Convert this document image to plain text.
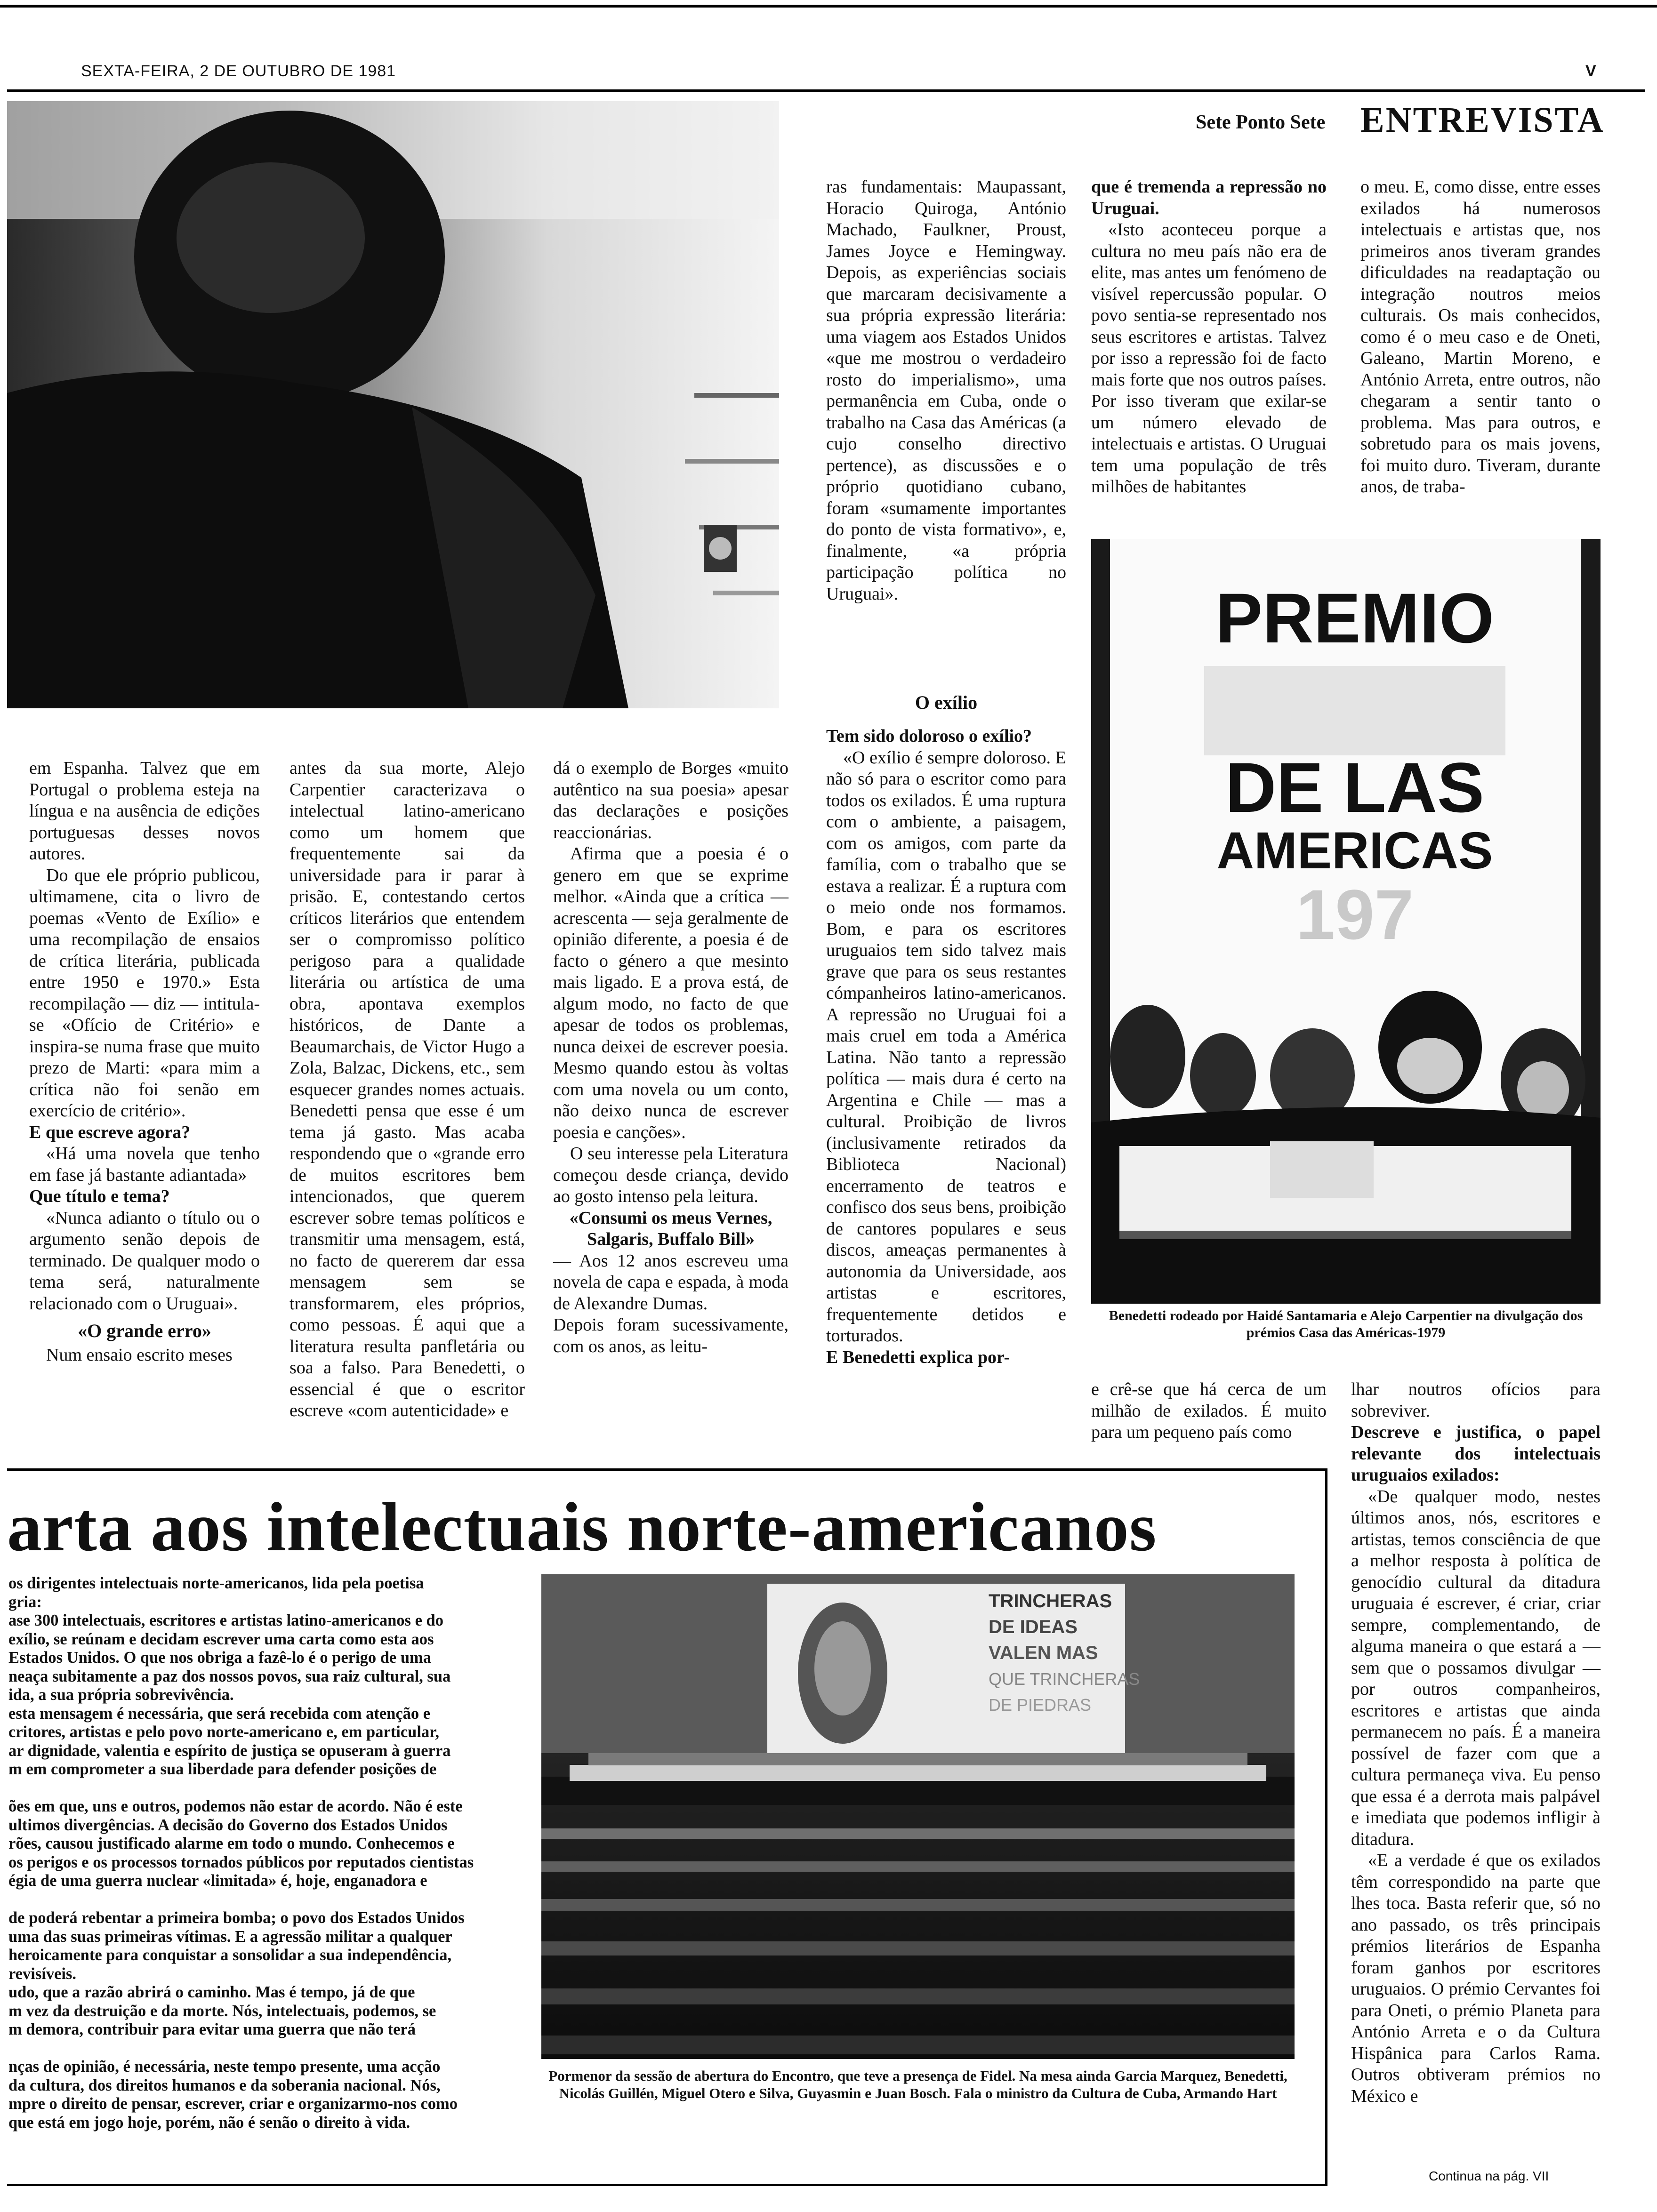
SEXTA-FEIRA, 2 DE OUTUBRO DE 1981	V
Sete Ponto Sete ENTREVISTA

ras fundamentais: Maupassant, Horacio Quiroga, António Machado, Faulkner, Proust, James Joyce e Hemingway. Depois, as experiências sociais que marcaram decisivamente a sua própria expressão literária: uma viagem aos Estados Unidos «que me mostrou o verdadeiro rosto do imperialismo», uma permanência em Cuba, onde o trabalho na Casa das Américas (a cujo conselho directivo pertence), as discussões e o próprio quotidiano cubano, foram «sumamente importantes do ponto de vista formativo», e, finalmente, «a própria participação política no Uruguai».

que é tremenda a repressão no Uruguai.

«Isto aconteceu porque a cultura no meu país não era de elite, mas antes um fenómeno de visível repercussão popular. O povo sentia-se representado nos seus escritores e artistas. Talvez por isso a repressão foi de facto mais forte que nos outros países. Por isso tiveram que exilar-se um número elevado de intelectuais e artistas. O Uruguai tem uma população de três milhões de habitantes

o meu. E, como disse, entre esses exilados há numerosos intelectuais e artistas que, nos primeiros anos tiveram grandes dificuldades na readaptação ou integração noutros meios culturais. Os mais conhecidos, como é o meu caso e de Oneti, Galeano, Martin Moreno, e António Arreta, entre outros, não chegaram a sentir tanto o problema. Mas para outros, e sobretudo para os mais jovens, foi muito duro. Tiveram, durante anos, de traba-

PREMIO
DE LAS
AMERICAS
197
Benedetti rodeado por Haidé Santamaria e Alejo Carpentier na divulgação dos prémios Casa das Américas-1979

em Espanha. Talvez que em Portugal o problema esteja na língua e na ausência de edições portuguesas desses novos autores.

Do que ele próprio publicou, ultimamene, cita o livro de poemas «Vento de Exílio» e uma recompilação de ensaios de crítica literária, publicada entre 1950 e 1970.» Esta recompilação — diz — intitula-se «Ofício de Critério» e inspira-se numa frase que muito prezo de Marti: «para mim a crítica não foi senão em exercício de critério».

E que escreve agora?

«Há uma novela que tenho em fase já bastante adiantada»

Que título e tema?

«Nunca adianto o título ou o argumento senão depois de terminado. De qualquer modo o tema será, naturalmente relacionado com o Uruguai».

«O grande erro»

Num ensaio escrito meses

antes da sua morte, Alejo Carpentier caracterizava o intelectual latino-americano como um homem que frequentemente sai da universidade para ir parar à prisão. E, contestando certos críticos literários que entendem ser o compromisso político perigoso para a qualidade literária ou artística de uma obra, apontava exemplos históricos, de Dante a Beaumarchais, de Victor Hugo a Zola, Balzac, Dickens, etc., sem esquecer grandes nomes actuais. Benedetti pensa que esse é um tema já gasto. Mas acaba respondendo que o «grande erro de muitos escritores bem intencionados, que querem escrever sobre temas políticos e transmitir uma mensagem, está, no facto de quererem dar essa mensagem sem se transformarem, eles próprios, como pessoas. É aqui que a literatura resulta panfletária ou soa a falso. Para Benedetti, o essencial é que o escritor escreve «com autenticidade» e

dá o exemplo de Borges «muito autêntico na sua poesia» apesar das declarações e posições reaccionárias.

Afirma que a poesia é o genero em que se exprime melhor. «Ainda que a crítica — acrescenta — seja geralmente de opinião diferente, a poesia é de facto o género a que mesinto mais ligado. E a prova está, de algum modo, no facto de que apesar de todos os problemas, nunca deixei de escrever poesia. Mesmo quando estou às voltas com uma novela ou um conto, não deixo nunca de escrever poesia e canções».

O seu interesse pela Literatura começou desde criança, devido ao gosto intenso pela leitura.

«Consumi os meus Vernes, Salgaris, Buffalo Bill»

— Aos 12 anos escreveu uma novela de capa e espada, à moda de Alexandre Dumas.

Depois foram sucessivamente, com os anos, as leitu-

O exílio

Tem sido doloroso o exílio?

«O exílio é sempre doloroso. E não só para o escritor como para todos os exilados. É uma ruptura com o ambiente, a paisagem, com os amigos, com parte da família, com o trabalho que se estava a realizar. É a ruptura com o meio onde nos formamos. Bom, e para os escritores uruguaios tem sido talvez mais grave que para os seus restantes cómpanheiros latino-americanos. A repressão no Uruguai foi a mais cruel em toda a América Latina. Não tanto a repressão política — mais dura é certo na Argentina e Chile — mas a cultural. Proibição de livros (inclusivamente retirados da Biblioteca Nacional) encerramento de teatros e confisco dos seus bens, proibição de cantores populares e seus discos, ameaças permanentes à autonomia da Universidade, aos artistas e escritores, frequentemente detidos e torturados.

E Benedetti explica por-

e crê-se que há cerca de um milhão de exilados. É muito para um pequeno país como

lhar noutros ofícios para sobreviver.

Descreve e justifica, o papel relevante dos intelectuais uruguaios exilados:

«De qualquer modo, nestes últimos anos, nós, escritores e artistas, temos consciência de que a melhor resposta à política de genocídio cultural da ditadura uruguaia é escrever, é criar, criar sempre, complementando, de alguma maneira o que estará a — sem que o possamos divulgar — por outros companheiros, escritores e artistas que ainda permanecem no país. É a maneira possível de fazer com que a cultura permaneça viva. Eu penso que essa é a derrota mais palpável e imediata que podemos infligir à ditadura.

«E a verdade é que os exilados têm correspondido na parte que lhes toca. Basta referir que, só no ano passado, os três principais prémios literários de Espanha foram ganhos por escritores uruguaios. O prémio Cervantes foi para Oneti, o prémio Planeta para António Arreta e o da Cultura Hispânica para Carlos Rama. Outros obtiveram prémios no México e

Continua na pág. VII
arta aos intelectuais norte-americanos

os dirigentes intelectuais norte-americanos, lida pela poetisa

gria:

ase 300 intelectuais, escritores e artistas latino-americanos e do

exílio, se reúnam e decidam escrever uma carta como esta aos

Estados Unidos. O que nos obriga a fazê-lo é o perigo de uma

neaça subitamente a paz dos nossos povos, sua raiz cultural, sua

ida, a sua própria sobrevivência.

esta mensagem é necessária, que será recebida com atenção e

critores, artistas e pelo povo norte-americano e, em particular,

ar dignidade, valentia e espírito de justiça se opuseram à guerra

m em comprometer a sua liberdade para defender posições de

ões em que, uns e outros, podemos não estar de acordo. Não é este

ultimos divergências. A decisão do Governo dos Estados Unidos

rões, causou justificado alarme em todo o mundo. Conhecemos e

os perigos e os processos tornados públicos por reputados cientistas

égia de uma guerra nuclear «limitada» é, hoje, enganadora e

de poderá rebentar a primeira bomba; o povo dos Estados Unidos

uma das suas primeiras vítimas. E a agressão militar a qualquer

heroicamente para conquistar a sonsolidar a sua independência,

revisíveis.

udo, que a razão abrirá o caminho. Mas é tempo, já de que

m vez da destruição e da morte. Nós, intelectuais, podemos, se

m demora, contribuir para evitar uma guerra que não terá

nças de opinião, é necessária, neste tempo presente, uma acção

da cultura, dos direitos humanos e da soberania nacional. Nós,

mpre o direito de pensar, escrever, criar e organizarmo-nos como

que está em jogo hoje, porém, não é senão o direito à vida.

TRINCHERAS
DE IDEAS
VALEN MAS
QUE TRINCHERAS
DE PIEDRAS
Pormenor da sessão de abertura do Encontro, que teve a presença de Fidel. Na mesa ainda Garcia Marquez, Benedetti, Nicolás Guillén, Miguel Otero e Silva, Guyasmin e Juan Bosch. Fala o ministro da Cultura de Cuba, Armando Hart
